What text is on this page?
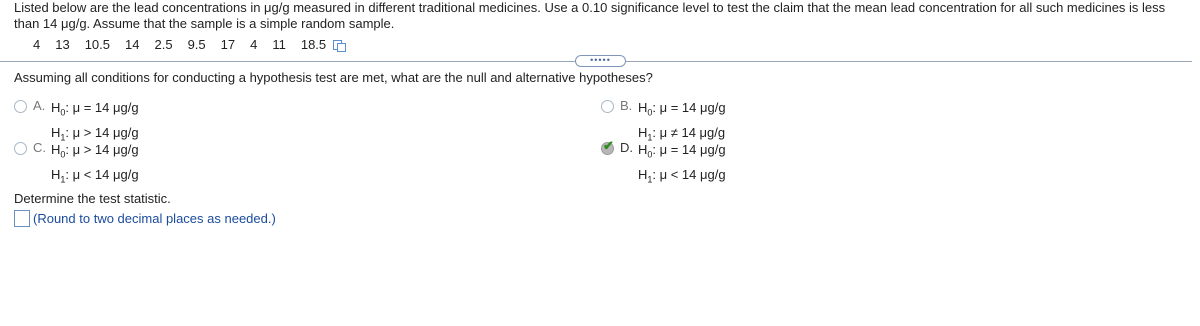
Listed below are the lead concentrations in μg/g measured in different traditional medicines. Use a 0.10 significance level to test the claim that the mean lead concentration for all such medicines is less than 14 μg/g. Assume that the sample is a simple random sample.

4 13 10.5 14 2.5 9.5 17 4 11 18.5
•••••

Assuming all conditions for conducting a hypothesis test are met, what are the null and alternative hypotheses?

A. $H_0$: μ = 14 μg/g
$H_1$: μ > 14 μg/g
B. $H_0$: μ = 14 μg/g
$H_1$: μ ≠ 14 μg/g
C. $H_0$: μ > 14 μg/g
$H_1$: μ < 14 μg/g
✔ D. $H_0$: μ = 14 μg/g
$H_1$: μ < 14 μg/g

Determine the test statistic.

(Round to two decimal places as needed.)
